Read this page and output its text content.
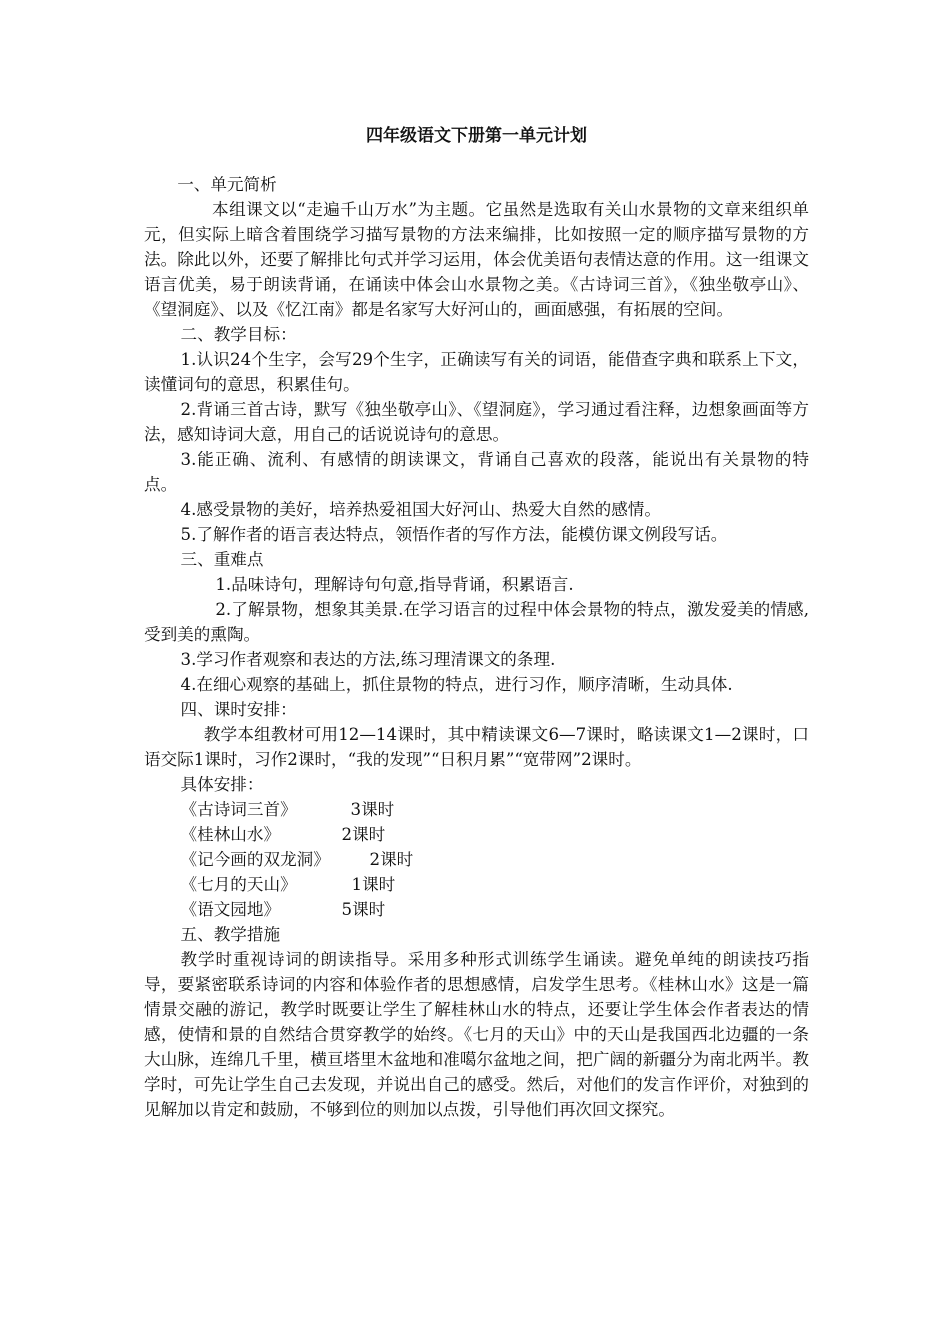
四年级语文下册第一单元计划

一、单元简析

本组课文以“走遍千山万水”为主题。它虽然是选取有关山水景物的文章来组织单元，但实际上暗含着围绕学习描写景物的方法来编排，比如按照一定的顺序描写景物的方法。除此以外，还要了解排比句式并学习运用，体会优美语句表情达意的作用。这一组课文语言优美，易于朗读背诵，在诵读中体会山水景物之美。《古诗词三首》，《独坐敬亭山》、《望洞庭》、以及《忆江南》都是名家写大好河山的，画面感强，有拓展的空间。

二、教学目标：

1.认识24个生字，会写29个生字，正确读写有关的词语，能借查字典和联系上下文，读懂词句的意思，积累佳句。

2.背诵三首古诗，默写《独坐敬亭山》、《望洞庭》，学习通过看注释，边想象画面等方法，感知诗词大意，用自己的话说说诗句的意思。

3.能正确、流利、有感情的朗读课文，背诵自己喜欢的段落，能说出有关景物的特点。

4.感受景物的美好，培养热爱祖国大好河山、热爱大自然的感情。

5.了解作者的语言表达特点，领悟作者的写作方法，能模仿课文例段写话。

三、重难点

1.品味诗句，理解诗句句意,指导背诵，积累语言.

2.了解景物，想象其美景.在学习语言的过程中体会景物的特点，激发爱美的情感,受到美的熏陶。

3.学习作者观察和表达的方法,练习理清课文的条理.

4.在细心观察的基础上，抓住景物的特点，进行习作，顺序清晰，生动具体.

四、课时安排：

教学本组教材可用12—14课时，其中精读课文6—7课时，略读课文1—2课时，口语交际1课时，习作2课时，“我的发现”“日积月累”“宽带网”2课时。

具体安排：

《古诗词三首》	3课时
《桂林山水》	2课时
《记今画的双龙洞》 2课时
《七月的天山》	1课时
《语文园地》	5课时

五、教学措施

教学时重视诗词的朗读指导。采用多种形式训练学生诵读。避免单纯的朗读技巧指导，要紧密联系诗词的内容和体验作者的思想感情，启发学生思考。《桂林山水》这是一篇情景交融的游记，教学时既要让学生了解桂林山水的特点，还要让学生体会作者表达的情感，使情和景的自然结合贯穿教学的始终。《七月的天山》中的天山是我国西北边疆的一条大山脉，连绵几千里，横亘塔里木盆地和准噶尔盆地之间，把广阔的新疆分为南北两半。教学时，可先让学生自己去发现，并说出自己的感受。然后，对他们的发言作评价，对独到的见解加以肯定和鼓励，不够到位的则加以点拨，引导他们再次回文探究。
